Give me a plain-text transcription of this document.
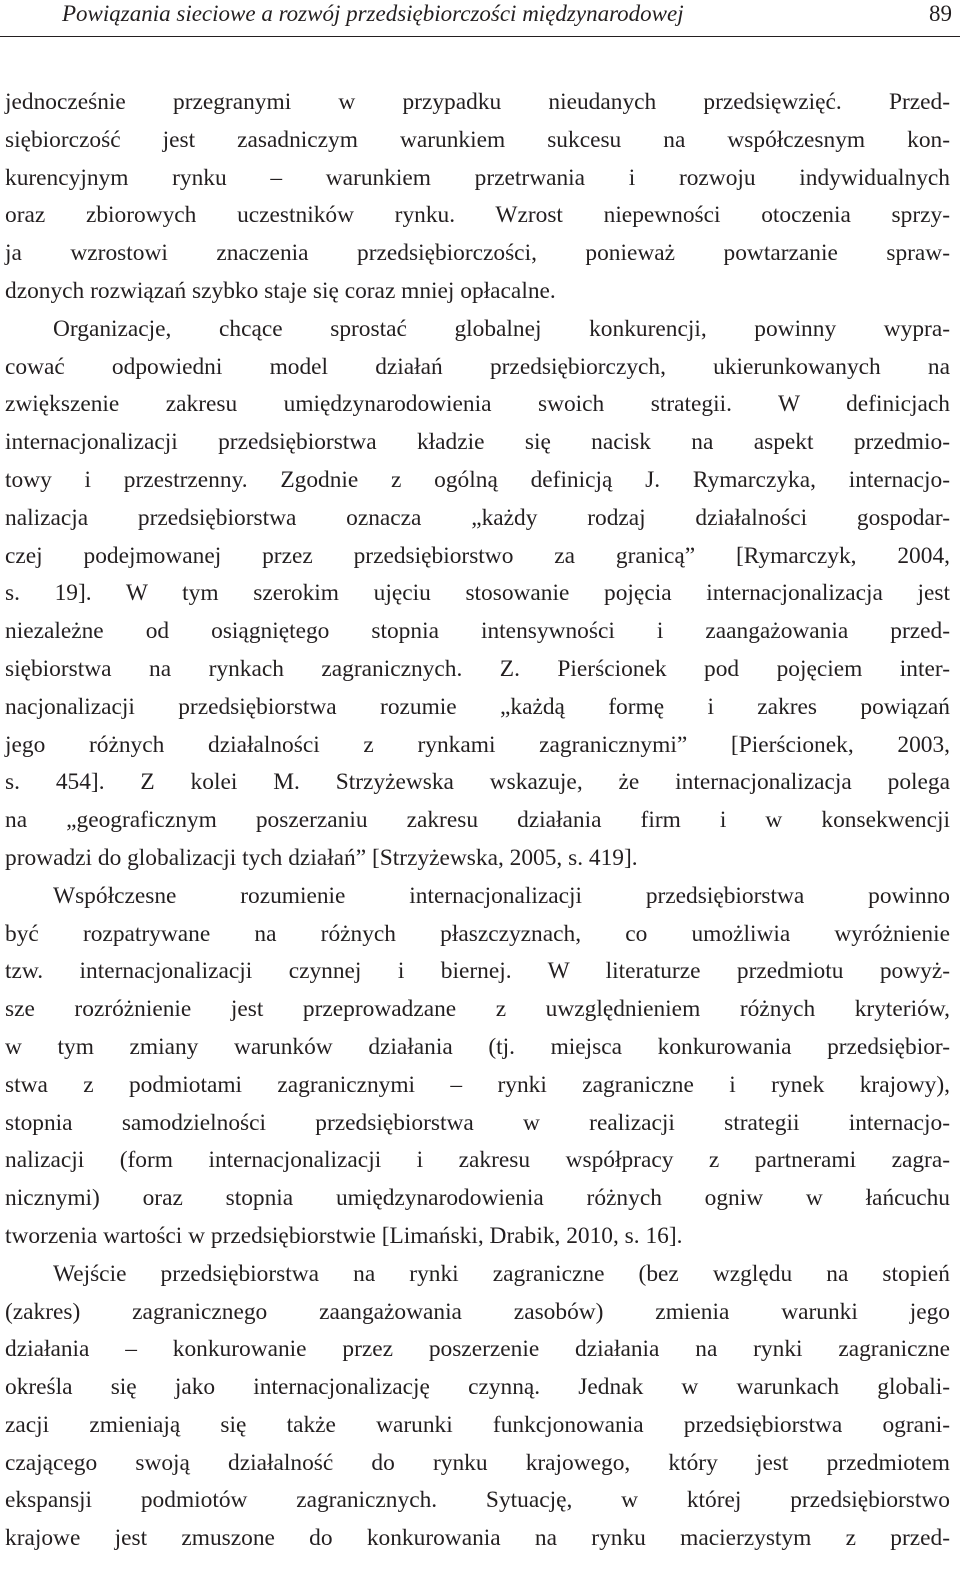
Powiązania sieciowe a rozwój przedsiębiorczości międzynarodowej	89
jednocześnie przegranymi w przypadku nieudanych przedsięwzięć. Przed-
siębiorczość jest zasadniczym warunkiem sukcesu na współczesnym kon-
kurencyjnym rynku – warunkiem przetrwania i rozwoju indywidualnych
oraz zbiorowych uczestników rynku. Wzrost niepewności otoczenia sprzy-
ja wzrostowi znaczenia przedsiębiorczości, ponieważ powtarzanie spraw-
dzonych rozwiązań szybko staje się coraz mniej opłacalne.
Organizacje, chcące sprostać globalnej konkurencji, powinny wypra-
cować odpowiedni model działań przedsiębiorczych, ukierunkowanych na
zwiększenie zakresu umiędzynarodowienia swoich strategii. W definicjach
internacjonalizacji przedsiębiorstwa kładzie się nacisk na aspekt przedmio-
towy i przestrzenny. Zgodnie z ogólną definicją J. Rymarczyka, internacjo-
nalizacja przedsiębiorstwa oznacza „każdy rodzaj działalności gospodar-
czej podejmowanej przez przedsiębiorstwo za granicą” [Rymarczyk, 2004,
s. 19]. W tym szerokim ujęciu stosowanie pojęcia internacjonalizacja jest
niezależne od osiągniętego stopnia intensywności i zaangażowania przed-
siębiorstwa na rynkach zagranicznych. Z. Pierścionek pod pojęciem inter-
nacjonalizacji przedsiębiorstwa rozumie „każdą formę i zakres powiązań
jego różnych działalności z rynkami zagranicznymi” [Pierścionek, 2003,
s. 454]. Z kolei M. Strzyżewska wskazuje, że internacjonalizacja polega
na „geograficznym poszerzaniu zakresu działania firm i w konsekwencji
prowadzi do globalizacji tych działań” [Strzyżewska, 2005, s. 419].
Współczesne rozumienie internacjonalizacji przedsiębiorstwa powinno
być rozpatrywane na różnych płaszczyznach, co umożliwia wyróżnienie
tzw. internacjonalizacji czynnej i biernej. W literaturze przedmiotu powyż-
sze rozróżnienie jest przeprowadzane z uwzględnieniem różnych kryteriów,
w tym zmiany warunków działania (tj. miejsca konkurowania przedsiębior-
stwa z podmiotami zagranicznymi – rynki zagraniczne i rynek krajowy),
stopnia samodzielności przedsiębiorstwa w realizacji strategii internacjo-
nalizacji (form internacjonalizacji i zakresu współpracy z partnerami zagra-
nicznymi) oraz stopnia umiędzynarodowienia różnych ogniw w łańcuchu
tworzenia wartości w przedsiębiorstwie [Limański, Drabik, 2010, s. 16].
Wejście przedsiębiorstwa na rynki zagraniczne (bez względu na stopień
(zakres) zagranicznego zaangażowania zasobów) zmienia warunki jego
działania – konkurowanie przez poszerzenie działania na rynki zagraniczne
określa się jako internacjonalizację czynną. Jednak w warunkach globali-
zacji zmieniają się także warunki funkcjonowania przedsiębiorstwa ograni-
czającego swoją działalność do rynku krajowego, który jest przedmiotem
ekspansji podmiotów zagranicznych. Sytuację, w której przedsiębiorstwo
krajowe jest zmuszone do konkurowania na rynku macierzystym z przed-
